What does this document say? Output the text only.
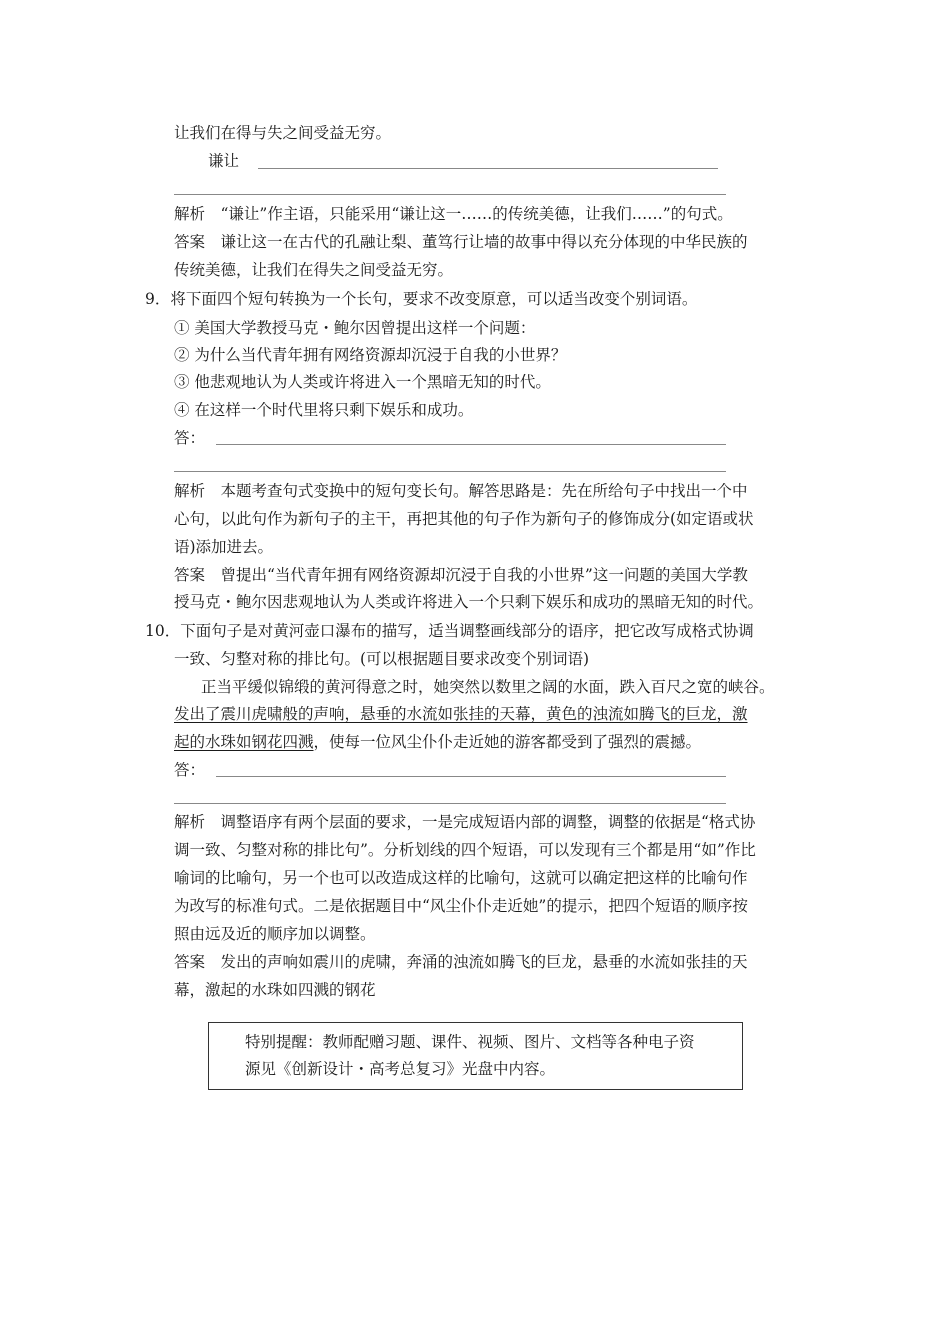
让我们在得与失之间受益无穷。
谦让
解析　“谦让”作主语，只能采用“谦让这一……的传统美德，让我们……”的句式。
答案　谦让这一在古代的孔融让梨、董笃行让墙的故事中得以充分体现的中华民族的
传统美德，让我们在得失之间受益无穷。
9．将下面四个短句转换为一个长句，要求不改变原意，可以适当改变个别词语。
① 美国大学教授马克・鲍尔因曾提出这样一个问题：
② 为什么当代青年拥有网络资源却沉浸于自我的小世界？
③ 他悲观地认为人类或许将进入一个黑暗无知的时代。
④ 在这样一个时代里将只剩下娱乐和成功。
答：
解析　本题考查句式变换中的短句变长句。解答思路是：先在所给句子中找出一个中
心句，以此句作为新句子的主干，再把其他的句子作为新句子的修饰成分(如定语或状
语)添加进去。
答案　曾提出“当代青年拥有网络资源却沉浸于自我的小世界”这一问题的美国大学教
授马克・鲍尔因悲观地认为人类或许将进入一个只剩下娱乐和成功的黑暗无知的时代。
10．下面句子是对黄河壶口瀑布的描写，适当调整画线部分的语序，把它改写成格式协调
一致、匀整对称的排比句。(可以根据题目要求改变个别词语)
正当平缓似锦缎的黄河得意之时，她突然以数里之阔的水面，跌入百尺之宽的峡谷。
发出了震川虎啸般的声响，悬垂的水流如张挂的天幕，黄色的浊流如腾飞的巨龙，激
起的水珠如钢花四溅，使每一位风尘仆仆走近她的游客都受到了强烈的震撼。
答：
解析　调整语序有两个层面的要求，一是完成短语内部的调整，调整的依据是“格式协
调一致、匀整对称的排比句”。分析划线的四个短语，可以发现有三个都是用“如”作比
喻词的比喻句，另一个也可以改造成这样的比喻句，这就可以确定把这样的比喻句作
为改写的标准句式。二是依据题目中“风尘仆仆走近她”的提示，把四个短语的顺序按
照由远及近的顺序加以调整。
答案　发出的声响如震川的虎啸，奔涌的浊流如腾飞的巨龙，悬垂的水流如张挂的天
幕，激起的水珠如四溅的钢花
特别提醒：教师配赠习题、课件、视频、图片、文档等各种电子资
源见《创新设计・高考总复习》光盘中内容。
